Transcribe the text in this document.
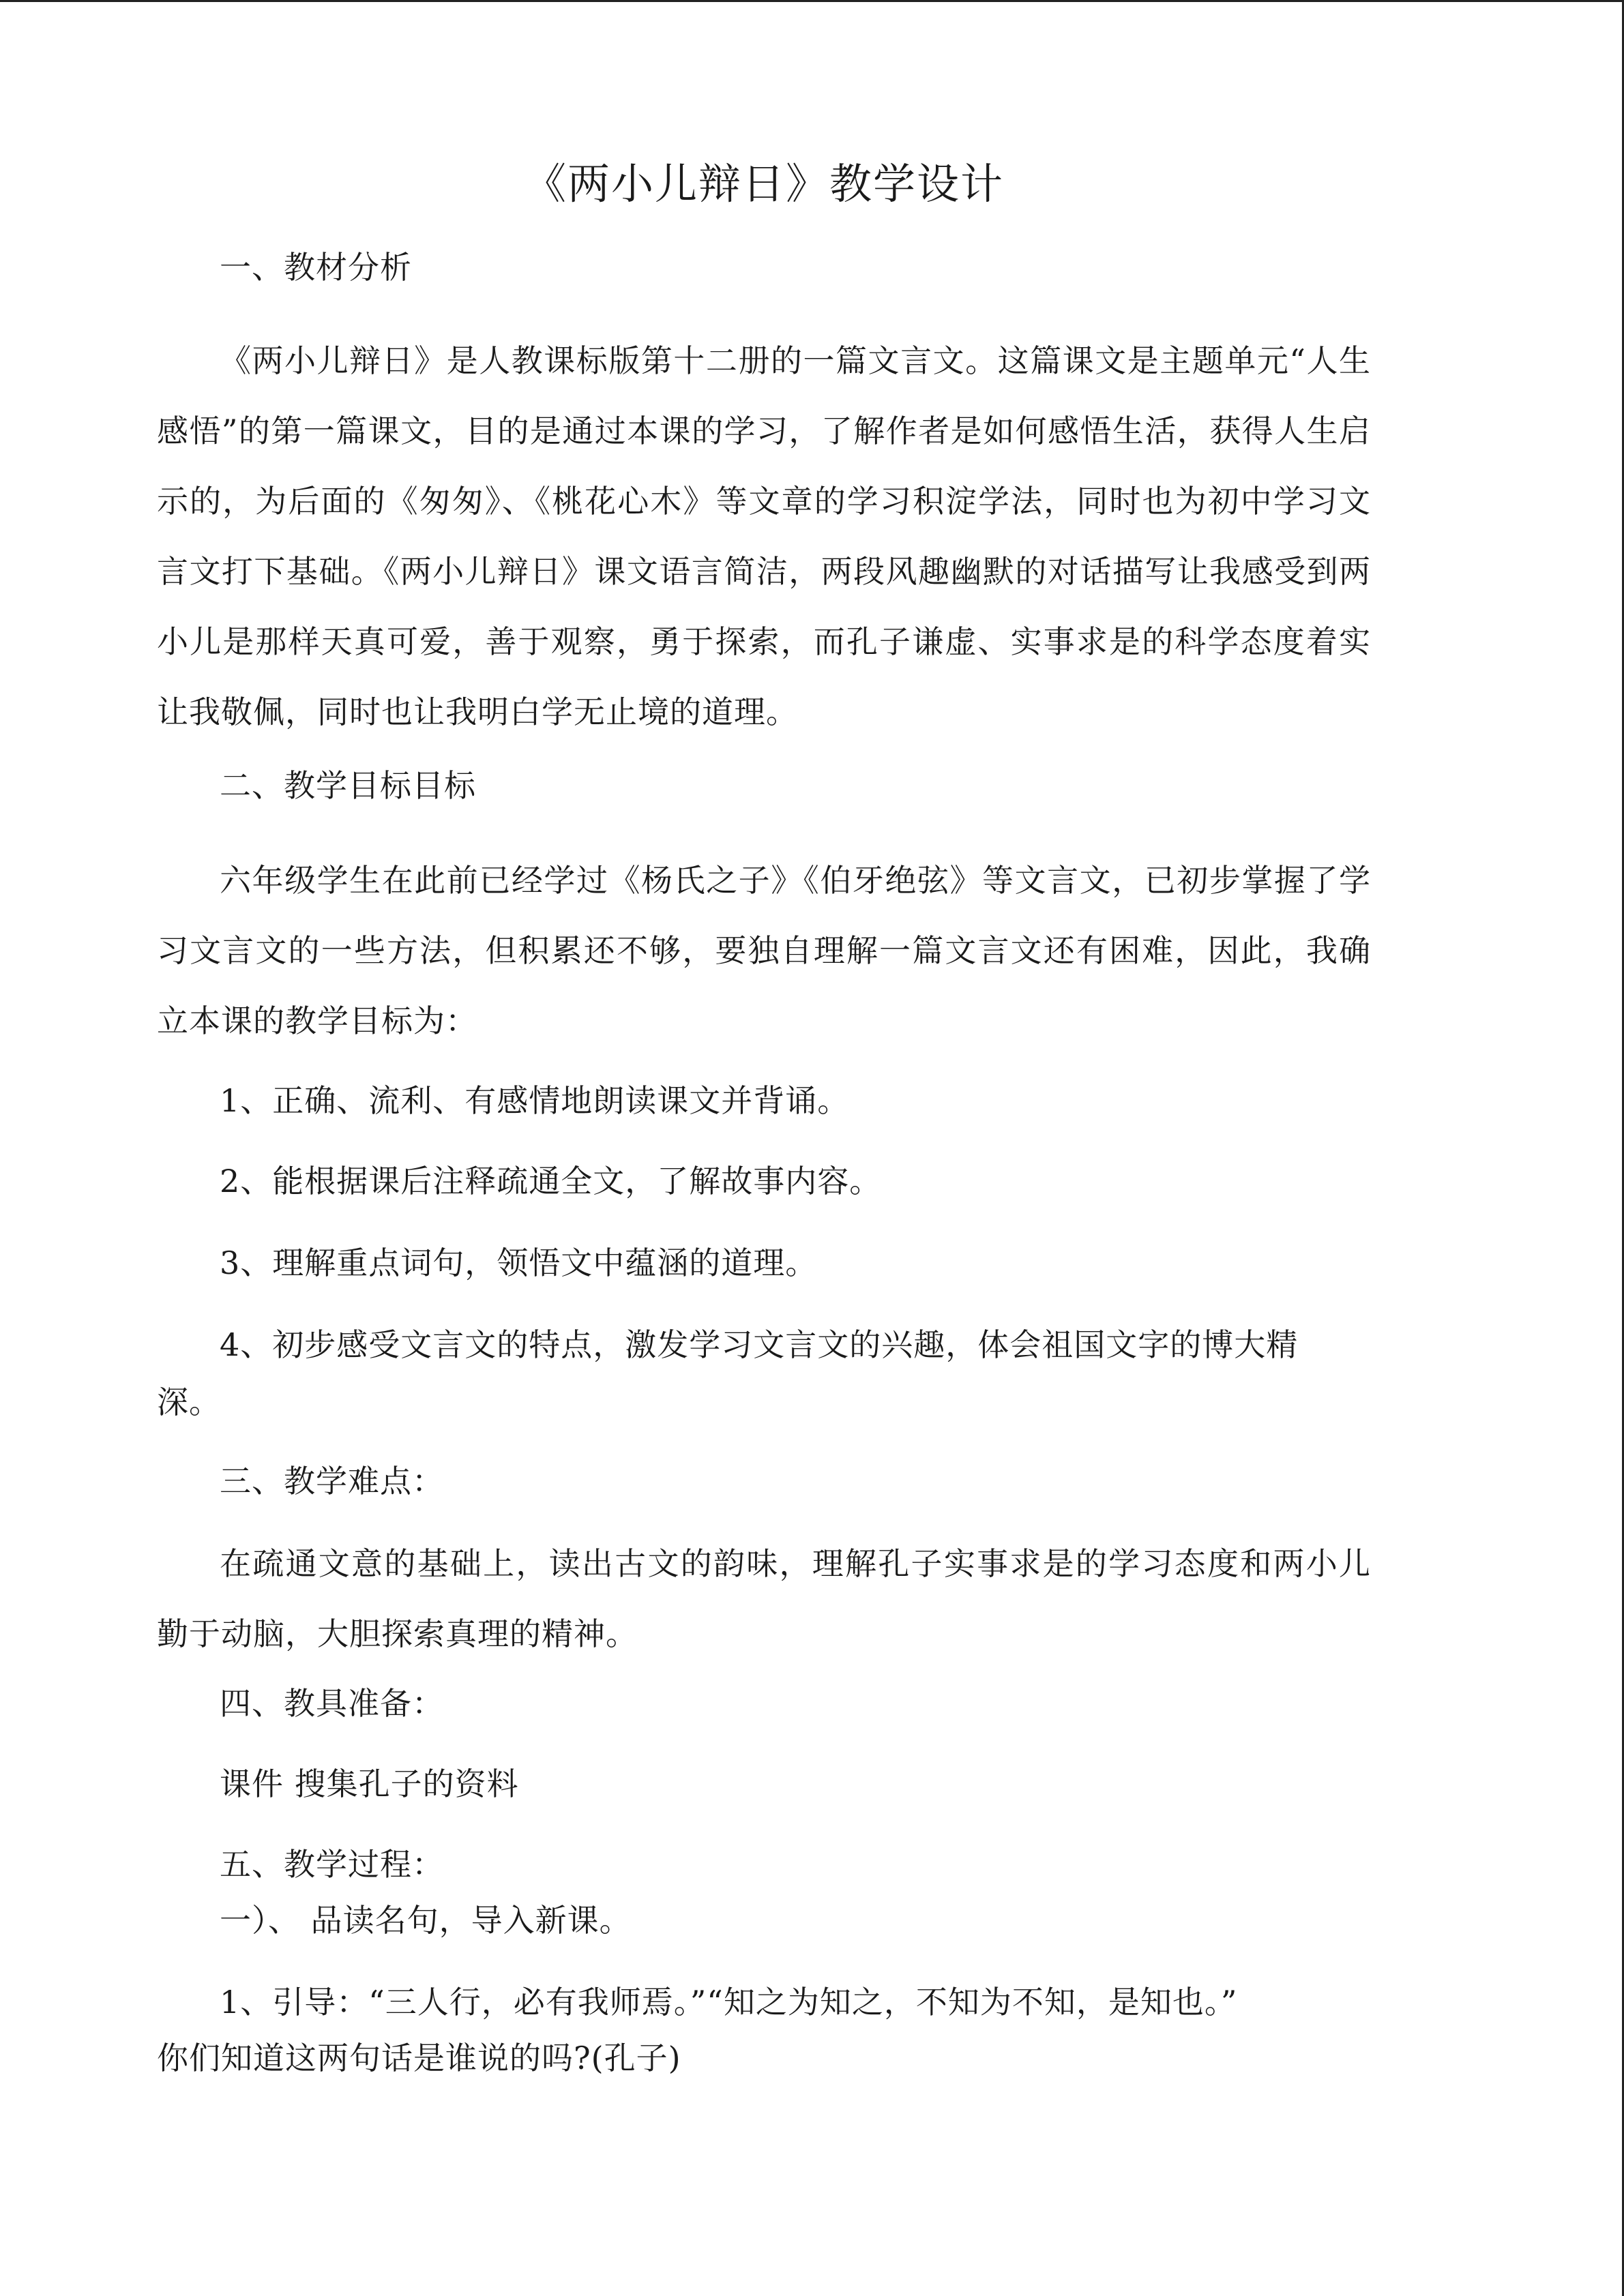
《两小儿辩日》教学设计
一、教材分析
《两小儿辩日》是人教课标版第十二册的一篇文言文。这篇课文是主题单元“人生感悟”的第一篇课文，目的是通过本课的学习，了解作者是如何感悟生活，获得人生启示的，为后面的《匆匆》、《桃花心木》等文章的学习积淀学法，同时也为初中学习文言文打下基础。《两小儿辩日》课文语言简洁，两段风趣幽默的对话描写让我感受到两小儿是那样天真可爱，善于观察，勇于探索，而孔子谦虚、实事求是的科学态度着实让我敬佩，同时也让我明白学无止境的道理。
二、教学目标目标
六年级学生在此前已经学过《杨氏之子》《伯牙绝弦》等文言文，已初步掌握了学习文言文的一些方法，但积累还不够，要独自理解一篇文言文还有困难，因此，我确立本课的教学目标为：
1、正确、流利、有感情地朗读课文并背诵。
2、能根据课后注释疏通全文，了解故事内容。
3、理解重点词句，领悟文中蕴涵的道理。
4、初步感受文言文的特点，激发学习文言文的兴趣，体会祖国文字的博大精
深。
三、教学难点：
在疏通文意的基础上，读出古文的韵味，理解孔子实事求是的学习态度和两小儿勤于动脑，大胆探索真理的精神。
四、教具准备：
课件 搜集孔子的资料
五、教学过程：
一）、 品读名句，导入新课。
1、引导：“三人行，必有我师焉。”“知之为知之，不知为不知，是知也。”
你们知道这两句话是谁说的吗?(孔子)
